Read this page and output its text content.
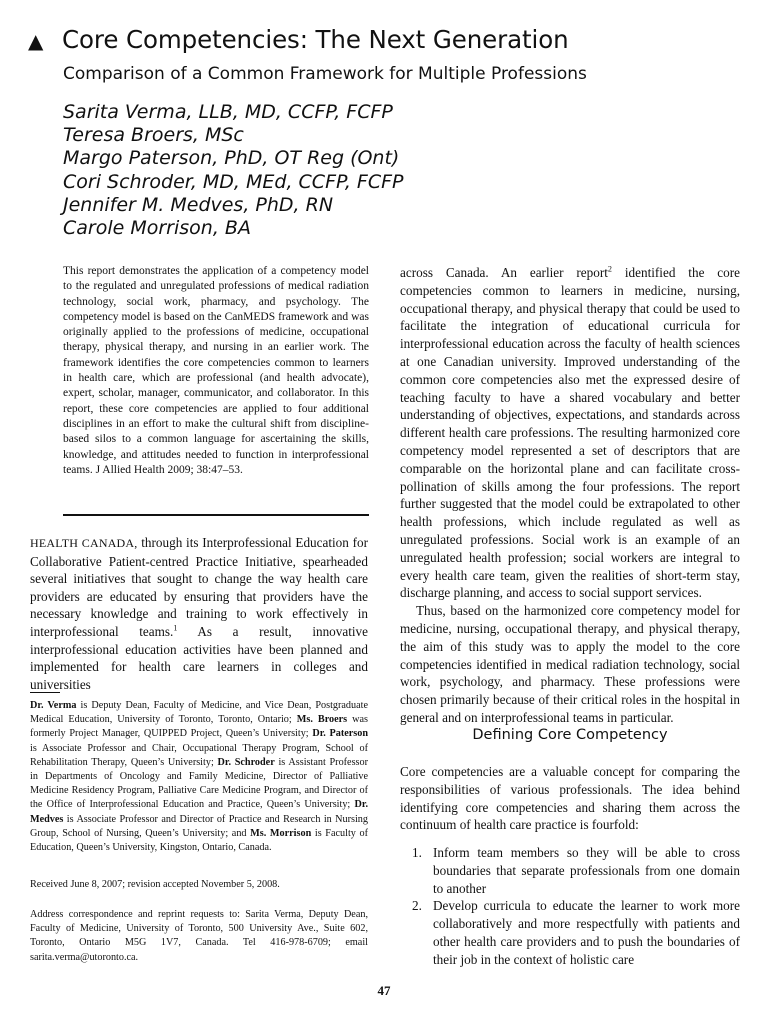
▲ Core Competencies: The Next Generation
Comparison of a Common Framework for Multiple Professions
Sarita Verma, LLB, MD, CCFP, FCFP
Teresa Broers, MSc
Margo Paterson, PhD, OT Reg (Ont)
Cori Schroder, MD, MEd, CCFP, FCFP
Jennifer M. Medves, PhD, RN
Carole Morrison, BA

This report demonstrates the application of a competency model to the regulated and unregulated professions of medical radiation technology, social work, pharmacy, and psychology. The competency model is based on the CanMEDS framework and was originally applied to the professions of medicine, occupational therapy, physical therapy, and nursing in an earlier work. The framework identifies the core competencies common to learners in health care, which are professional (and health advocate), expert, scholar, manager, communicator, and collaborator. In this report, these core competencies are applied to four additional disciplines in an effort to make the cultural shift from discipline-based silos to a common language for ascertaining the skills, knowledge, and attitudes needed to function in interprofessional teams. J Allied Health 2009; 38:47–53.

HEALTH CANADA, through its Interprofessional Education for Collaborative Patient-centred Practice Initiative, spearheaded several initiatives that sought to change the way health care providers are educated by ensuring that providers have the necessary knowledge and training to work effectively in interprofessional teams.$^1$ As a result, innovative interprofessional education activities have been planned and implemented for health care learners in colleges and universities

Dr. Verma is Deputy Dean, Faculty of Medicine, and Vice Dean, Postgraduate Medical Education, University of Toronto, Toronto, Ontario; Ms. Broers was formerly Project Manager, QUIPPED Project, Queen’s University; Dr. Paterson is Associate Professor and Chair, Occupational Therapy Program, School of Rehabilitation Therapy, Queen’s University; Dr. Schroder is Assistant Professor in Departments of Oncology and Family Medicine, Director of Palliative Medicine Residency Program, Palliative Care Medicine Program, and Director of the Office of Interprofessional Education and Practice, Queen’s University; Dr. Medves is Associate Professor and Director of Practice and Research in Nursing Group, School of Nursing, Queen’s University; and Ms. Morrison is Faculty of Education, Queen’s University, Kingston, Ontario, Canada.

Received June 8, 2007; revision accepted November 5, 2008.

Address correspondence and reprint requests to: Sarita Verma, Deputy Dean, Faculty of Medicine, University of Toronto, 500 University Ave., Suite 602, Toronto, Ontario M5G 1V7, Canada. Tel 416-978-6709; email sarita.verma@utoronto.ca.

across Canada. An earlier report$^2$ identified the core competencies common to learners in medicine, nursing, occupational therapy, and physical therapy that could be used to facilitate the integration of educational curricula for interprofessional education across the faculty of health sciences at one Canadian university. Improved understanding of the common core competencies also met the expressed desire of teaching faculty to have a shared vocabulary and better understanding of objectives, expectations, and standards across different health care professions. The resulting harmonized core competency model represented a set of descriptors that are comparable on the horizontal plane and can facilitate cross-pollination of skills among the four professions. The report further suggested that the model could be extrapolated to other health professions, which include regulated as well as unregulated professions. Social work is an example of an unregulated health profession; social workers are integral to every health care team, given the realities of short-term stay, discharge planning, and access to social support services.

Thus, based on the harmonized core competency model for medicine, nursing, occupational therapy, and physical therapy, the aim of this study was to apply the model to the core competencies identified in medical radiation technology, social work, psychology, and pharmacy. These professions were chosen primarily because of their critical roles in the hospital in general and on interprofessional teams in particular.

Defining Core Competency

Core competencies are a valuable concept for comparing the responsibilities of various professionals. The idea behind identifying core competencies and sharing them across the continuum of health care practice is fourfold:

1. Inform team members so they will be able to cross boundaries that separate professionals from one domain to another
2. Develop curricula to educate the learner to work more collaboratively and more respectfully with patients and other health care providers and to push the boundaries of their job in the context of holistic care
47
